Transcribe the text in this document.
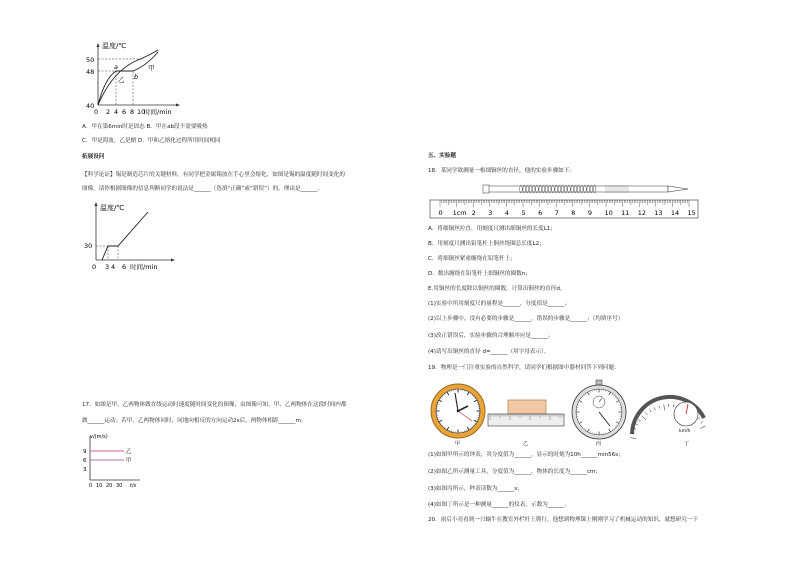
温度/℃
时间/min
50
48
40
0 2 4 6 8 10
a
乙 b
甲
A．甲在第6min时是固态 B．甲在ab段不需要吸热
C．甲是海波，乙是蜡 D．甲和乙熔化过程所用时间相同
拓展设问
【科学论证】锡是制造芯片的关键材料，有同学把金属锡放在手心里会熔化，如图是锡的温度随时间变化的
图像，请你根据图像的信息判断同学的说法是______（选填“正确”或“错误”）的，理由是______。
温度/℃
时间/min
30
0 3 4 6
17．如图是甲、乙两物体做直线运动时速度随时间变化的图像，由图像可知，甲、乙两物体在这段时间内都
做______运动；若甲、乙两物体同时、同地向相反的方向运动2s后，两物体相距______m。
v/(m/s)
9
6
3
0 10 20 30 t/s
乙
甲
五、实验题
18．某同学欲测量一根细铜丝的直径，他的实验步骤如下：
0 1cm 2 3 4 5 6 7 8 9 10 11 12 13 14 15
A．将细铜丝拉直，用刻度尺测出细铜丝的长度L1；
B．用刻度尺测出铅笔杆上铜丝绕圈总长度L2；
C．将细铜丝紧密缠绕在铅笔杆上；
D．数出缠绕在铅笔杆上细铜丝的圈数n；
E.用铜丝的长度除以铜丝的圈数，计算出铜丝的直径d。
(1)实验中所用刻度尺的量程是______，分度值是______；
(2)以上步骤中，没有必要的步骤是______，错误的步骤是______；（均填序号）
(3)改正错误后，实验步骤的合理顺序应是______；
(4)请写出铜丝的直径 d=______（用字母表示）。
19．物理是一门注重实验的自然科学，请同学们根据图中器材回答下列问题：
甲	乙	丙
km/h
丁
(1)如图甲所示的钟表，其分度值为______，显示的时刻为10h______min56s；
(2)如图乙所示测量工具，分度值为______，物体的长度为______cm；
(3)如图丙所示，秒表读数为______s；
(4)如图丁所示是一种测量______的仪表，示数为______。
20．雨后小亮看到一只蜗牛在教室外栏杆上爬行，他想到物理课上刚刚学习了机械运动的知识，就想研究一下
